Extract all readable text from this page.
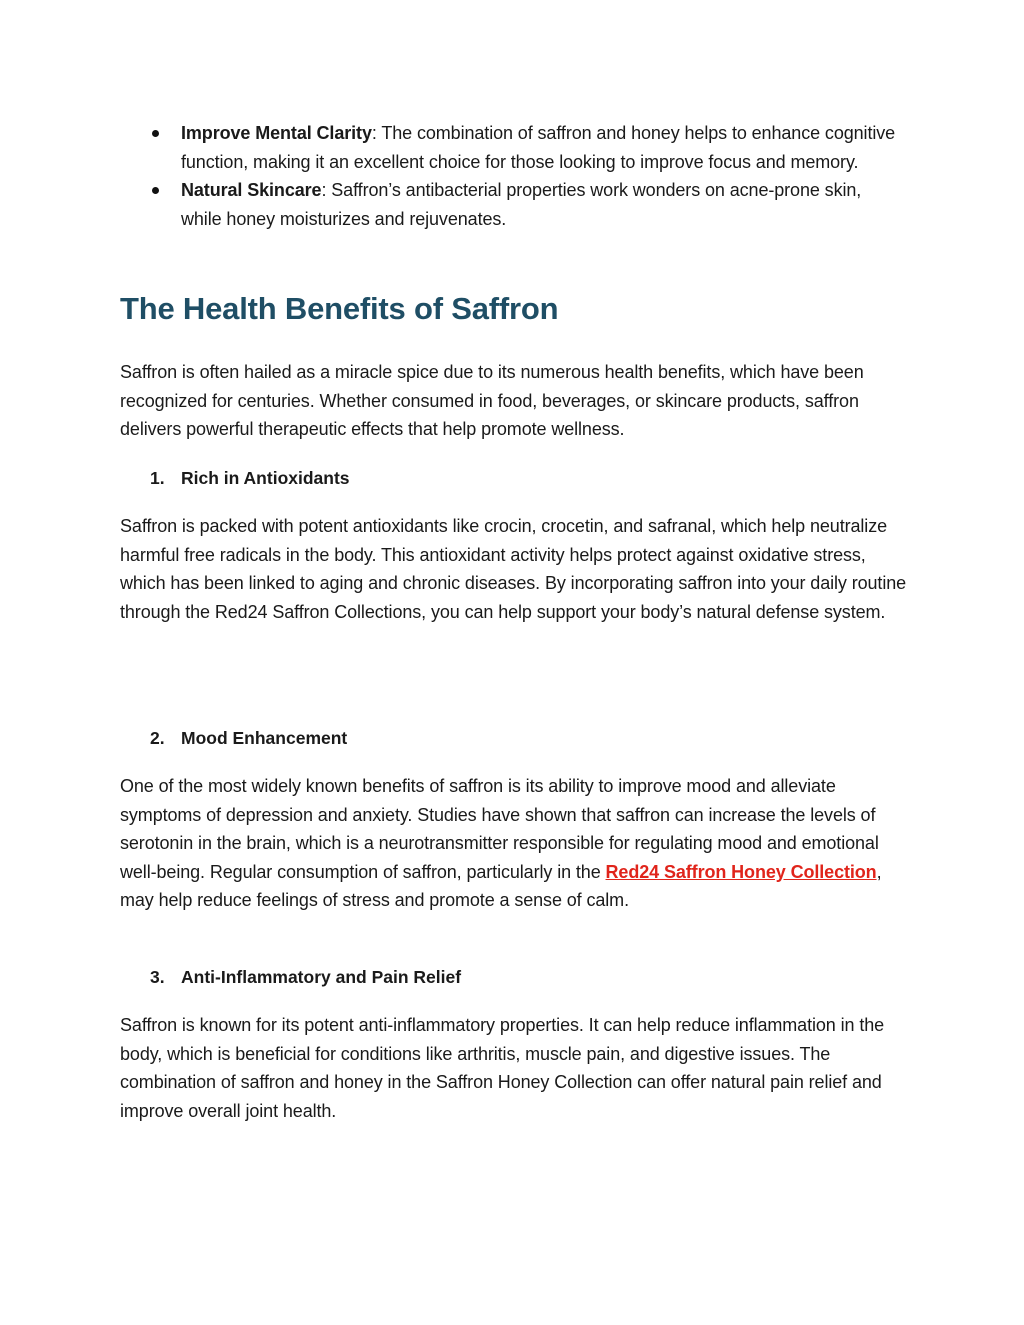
Improve Mental Clarity: The combination of saffron and honey helps to enhance cognitive function, making it an excellent choice for those looking to improve focus and memory.
Natural Skincare: Saffron’s antibacterial properties work wonders on acne-prone skin, while honey moisturizes and rejuvenates.
The Health Benefits of Saffron

Saffron is often hailed as a miracle spice due to its numerous health benefits, which have been recognized for centuries. Whether consumed in food, beverages, or skincare products, saffron delivers powerful therapeutic effects that help promote wellness.

1. Rich in Antioxidants

Saffron is packed with potent antioxidants like crocin, crocetin, and safranal, which help neutralize harmful free radicals in the body. This antioxidant activity helps protect against oxidative stress, which has been linked to aging and chronic diseases. By incorporating saffron into your daily routine through the Red24 Saffron Collections, you can help support your body’s natural defense system.

2. Mood Enhancement

One of the most widely known benefits of saffron is its ability to improve mood and alleviate symptoms of depression and anxiety. Studies have shown that saffron can increase the levels of serotonin in the brain, which is a neurotransmitter responsible for regulating mood and emotional well-being. Regular consumption of saffron, particularly in the Red24 Saffron Honey Collection, may help reduce feelings of stress and promote a sense of calm.

3. Anti-Inflammatory and Pain Relief

Saffron is known for its potent anti-inflammatory properties. It can help reduce inflammation in the body, which is beneficial for conditions like arthritis, muscle pain, and digestive issues. The combination of saffron and honey in the Saffron Honey Collection can offer natural pain relief and improve overall joint health.
